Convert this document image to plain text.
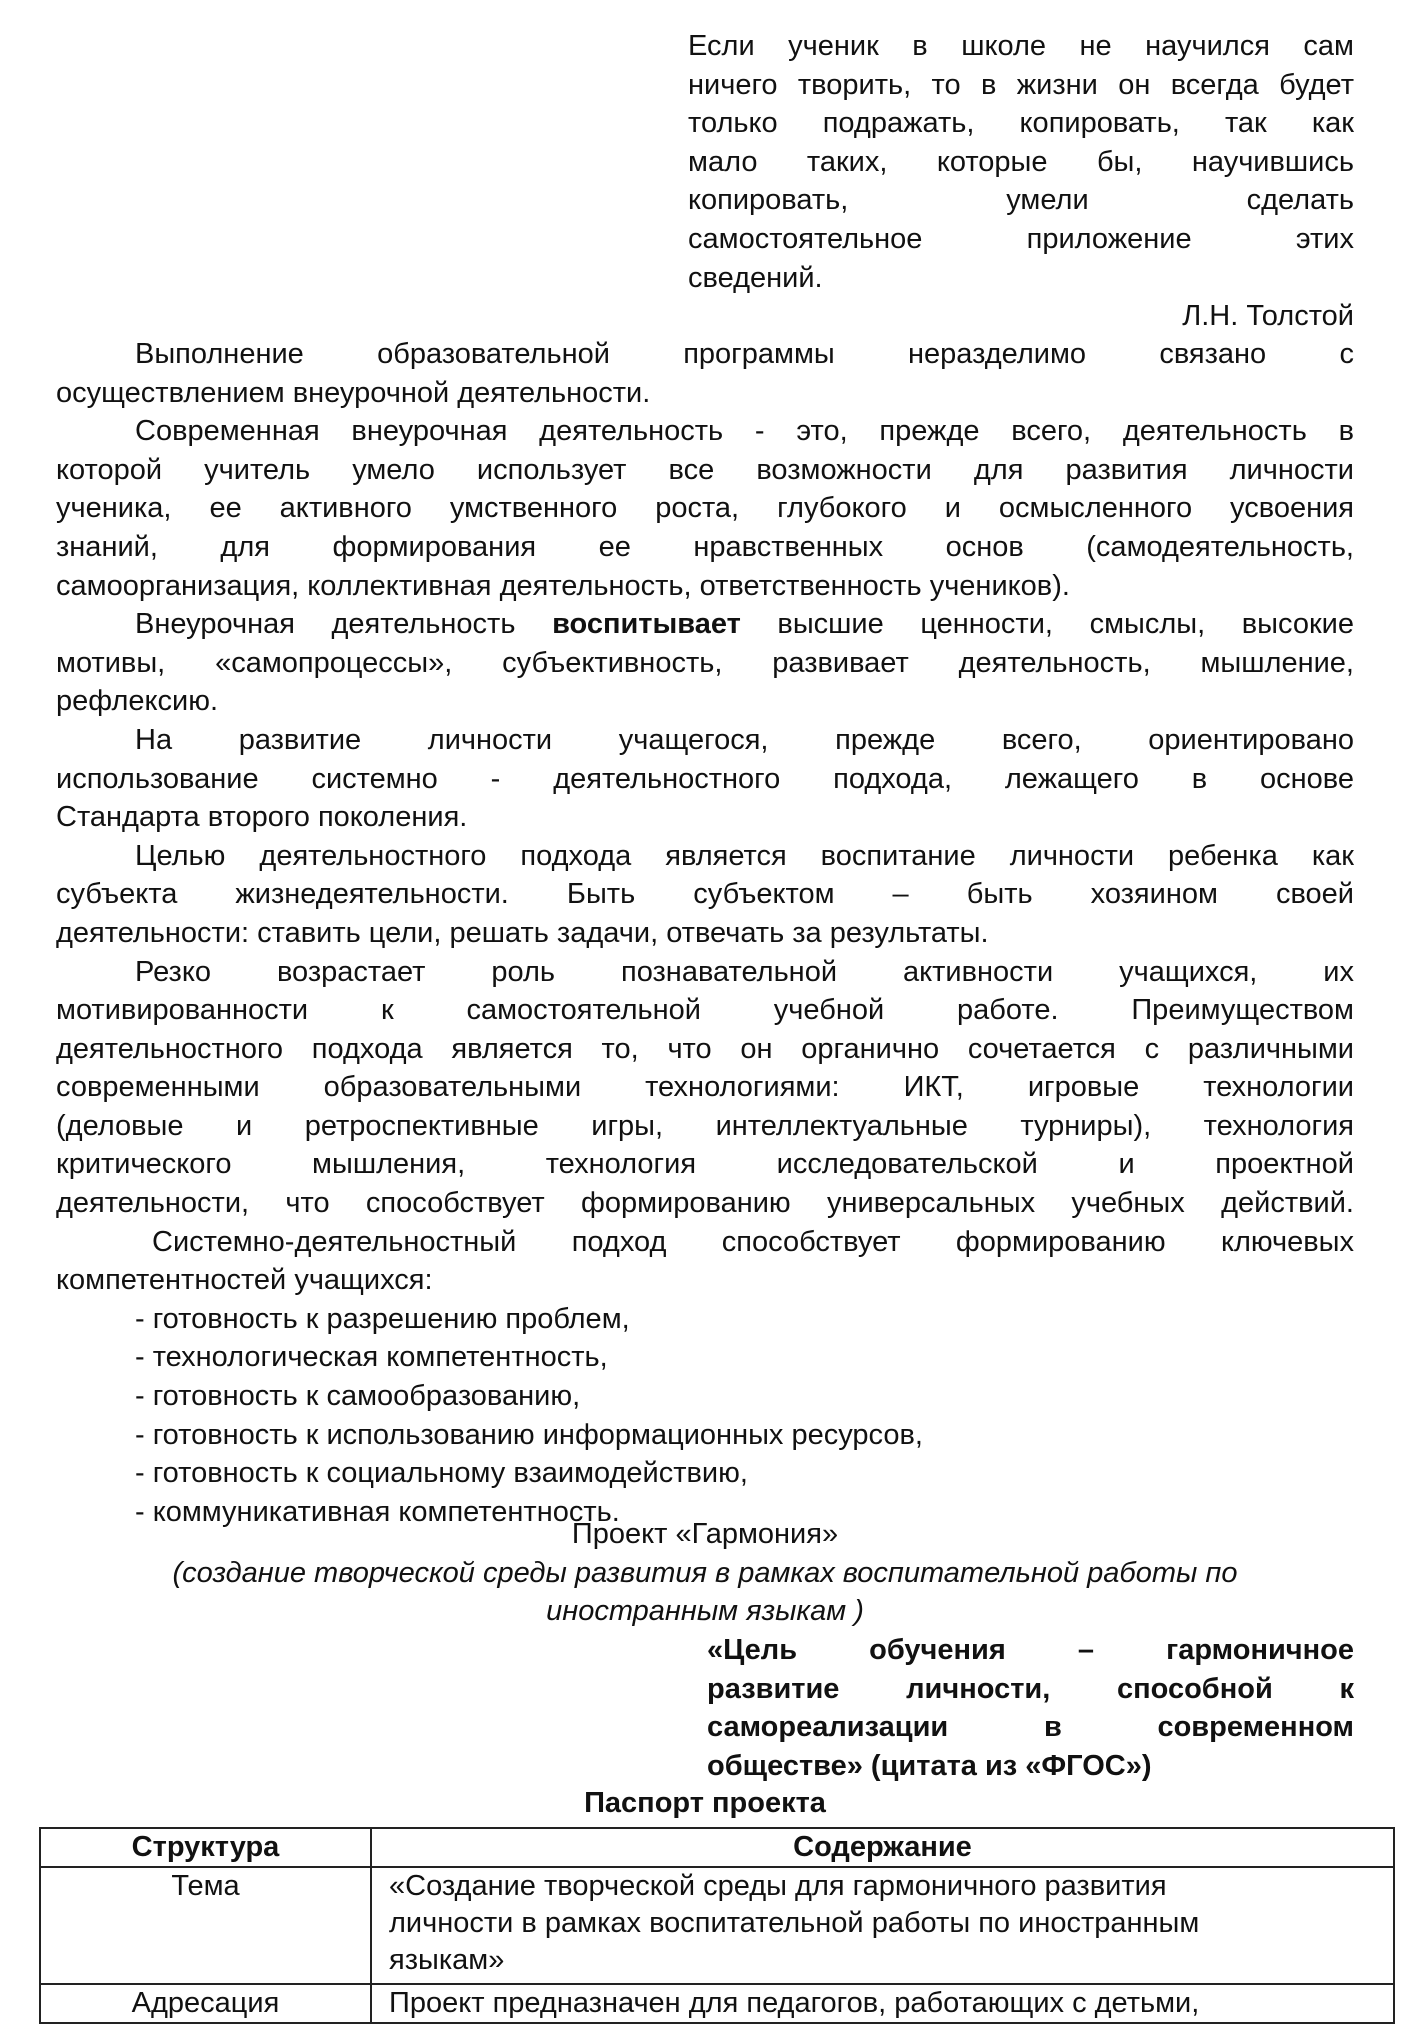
Если ученик в школе не научился сам
ничего творить, то в жизни он всегда будет
только подражать, копировать, так как
мало таких, которые бы, научившись
копировать, умели сделать
самостоятельное приложение этих
сведений.
Л.Н. Толстой
Выполнение образовательной программы неразделимо связано с
осуществлением внеурочной деятельности.
Современная внеурочная деятельность - это, прежде всего, деятельность в
которой учитель умело использует все возможности для развития личности
ученика, ее активного умственного роста, глубокого и осмысленного усвоения
знаний, для формирования ее нравственных основ (самодеятельность,
самоорганизация, коллективная деятельность, ответственность учеников).
Внеурочная деятельность воспитывает высшие ценности, смыслы, высокие
мотивы, «самопроцессы», субъективность, развивает деятельность, мышление,
рефлексию.
На развитие личности учащегося, прежде всего, ориентировано
использование системно - деятельностного подхода, лежащего в основе
Стандарта второго поколения.
Целью деятельностного подхода является воспитание личности ребенка как
субъекта жизнедеятельности. Быть субъектом – быть хозяином своей
деятельности: ставить цели, решать задачи, отвечать за результаты.
Резко возрастает роль познавательной активности учащихся, их
мотивированности к самостоятельной учебной работе. Преимуществом
деятельностного подхода является то, что он органично сочетается с различными
современными образовательными технологиями: ИКТ, игровые технологии
(деловые и ретроспективные игры, интеллектуальные турниры), технология
критического мышления, технология исследовательской и проектной
деятельности, что способствует формированию универсальных учебных действий.
Системно-деятельностный подход способствует формированию ключевых
компетентностей учащихся:
- готовность к разрешению проблем,
- технологическая компетентность,
- готовность к самообразованию,
- готовность к использованию информационных ресурсов,
- готовность к социальному взаимодействию,
- коммуникативная компетентность.
Проект «Гармония»
(создание творческой среды развития в рамках воспитательной работы по
иностранным языкам )
«Цель обучения – гармоничное
развитие личности, способной к
самореализации в современном
обществе» (цитата из «ФГОС»)
Паспорт проекта
Структура	Содержание
Тема	«Создание творческой среды для гармоничного развития
личности в рамках воспитательной работы по иностранным
языкам»

Адресация	Проект предназначен для педагогов, работающих с детьми,
